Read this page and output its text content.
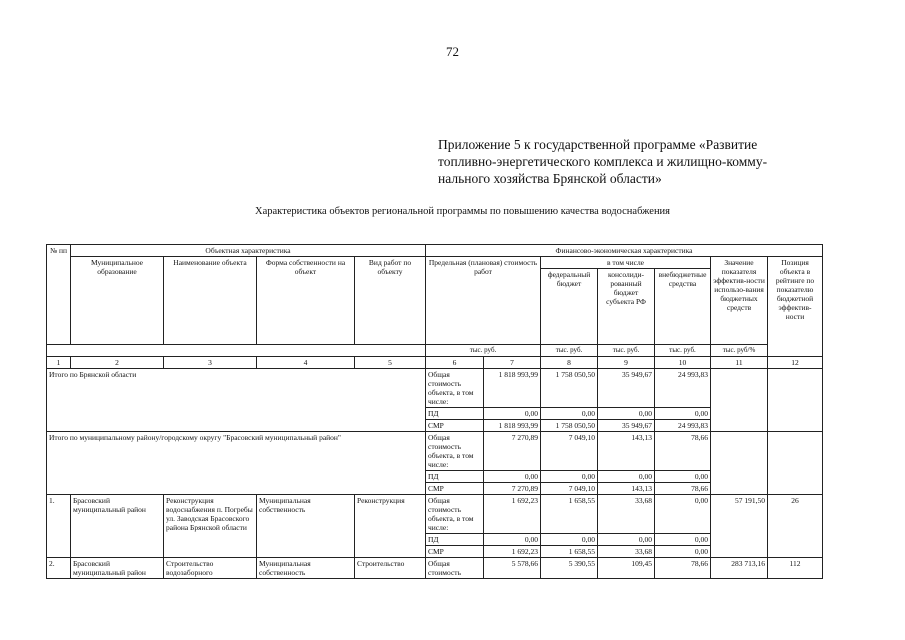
72
Приложение 5 к государственной программе «Развитие
топливно-энергетического комплекса и жилищно-комму-
нального хозяйства Брянской области»
Характеристика объектов региональной программы по повышению качества водоснабжения
№ пп	Объектная характеристика				Финансово-экономическая характеристика							
	Муниципальное образование	Наименование объекта	Форма собственности на объект	Вид работ по объекту	Предельная (плановая) стоимость работ		в том числе			Значение показателя эффектив-ности использо-вания бюджетных средств	Позиция объекта в рейтинге по показателю бюджетной эффектив-ности	
							федеральный бюджет	консолиди-рованный бюджет субъекта РФ	внебюджетные средства			
					тыс. руб.		тыс. руб.	тыс. руб.	тыс. руб.	тыс. руб/%		
1	2	3	4	5	6	7	8	9	10	11	12	
Итого по Брянской области					Общая стоимость объекта, в том числе:	1 818 993,99	1 758 050,50	35 949,67	24 993,83			
					ПД	0,00	0,00	0,00	0,00			
					СМР	1 818 993,99	1 758 050,50	35 949,67	24 993,83			
Итого по муниципальному району/городскому округу "Брасовский муниципальный район"					Общая стоимость объекта, в том числе:	7 270,89	7 049,10	143,13	78,66			
					ПД	0,00	0,00	0,00	0,00			
					СМР	7 270,89	7 049,10	143,13	78,66			
1.	Брасовский муниципальный район	Реконструкция водоснабжения п. Погребы ул. Заводская Брасовского района Брянской области	Муниципальная собственность	Реконструкция	Общая стоимость объекта, в том числе:	1 692,23	1 658,55	33,68	0,00	57 191,50	26	
					ПД	0,00	0,00	0,00	0,00			
					СМР	1 692,23	1 658,55	33,68	0,00			
2.	Брасовский муниципальный район	Строительство водозаборного	Муниципальная собственность	Строительство	Общая стоимость	5 578,66	5 390,55	109,45	78,66	283 713,16	112	
